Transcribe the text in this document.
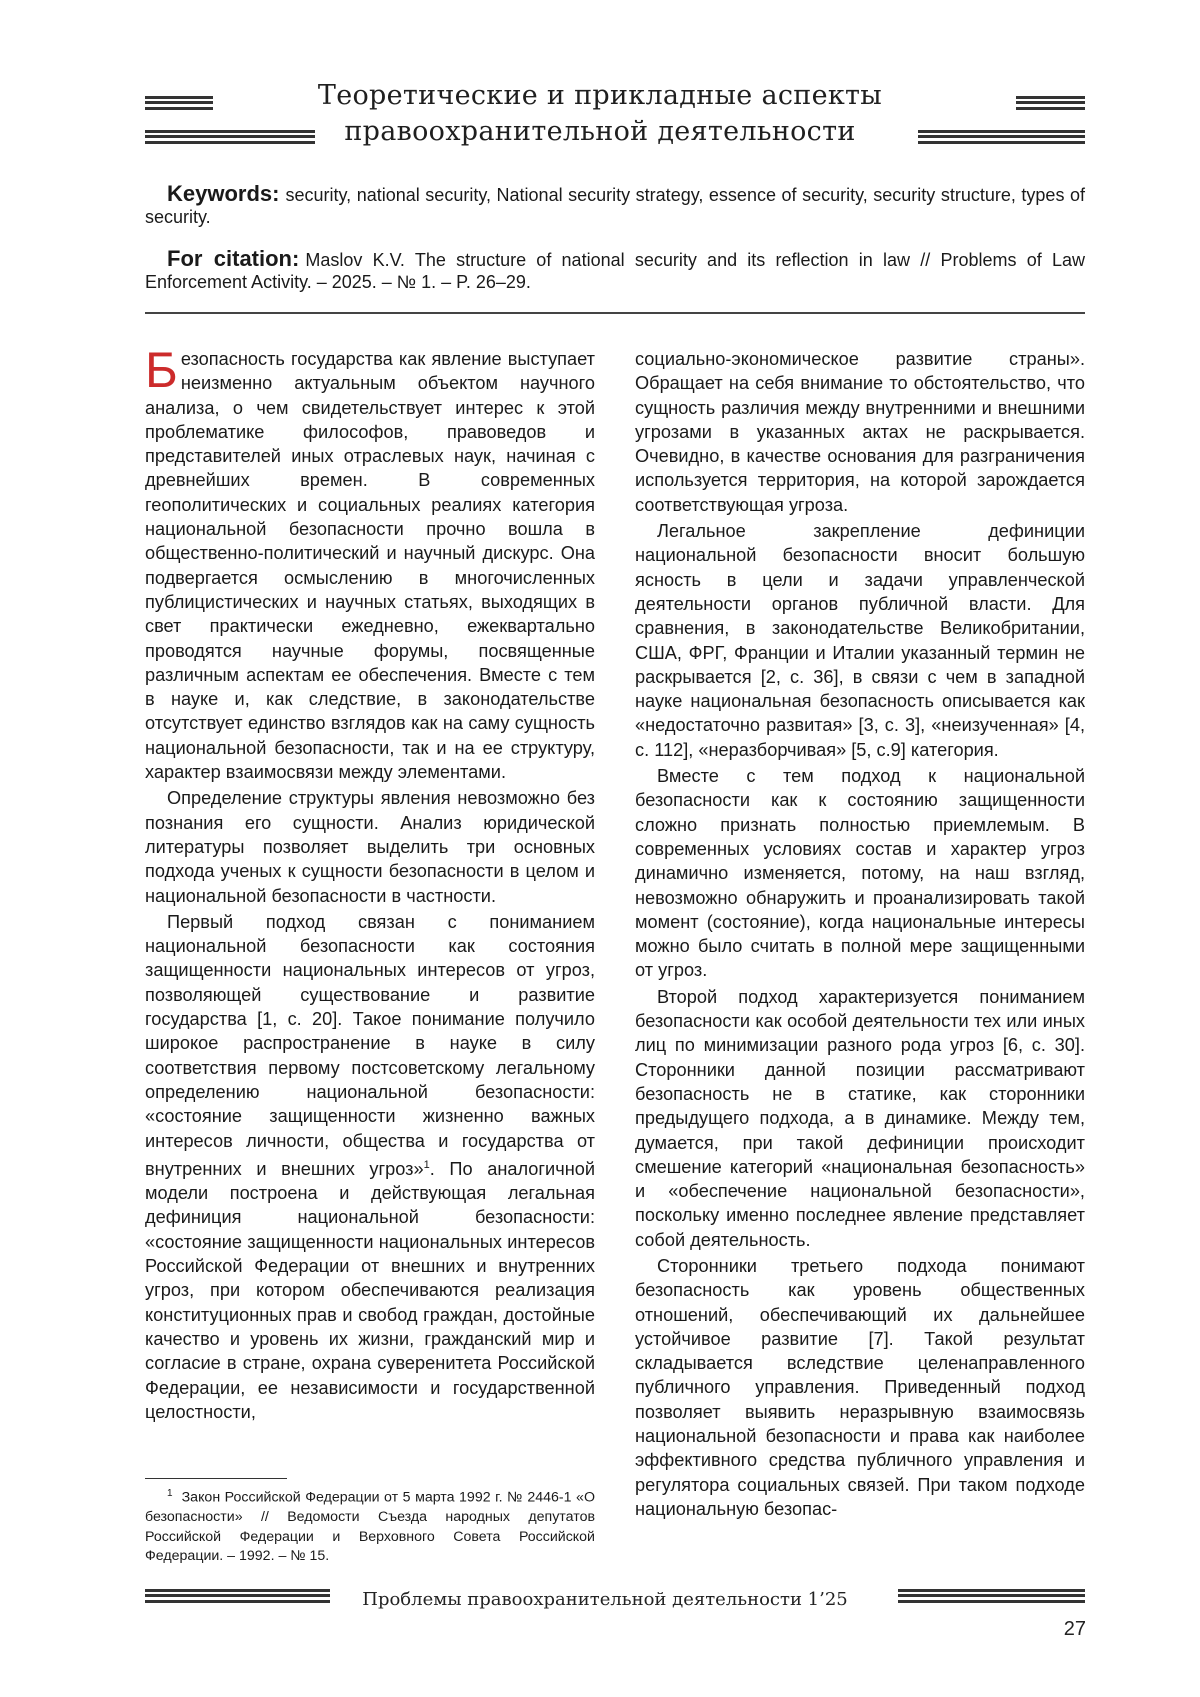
Теоретические и прикладные аспекты
правоохранительной деятельности

Keywords: security, national security, National security strategy, essence of security, security structure, types of security.

For citation: Maslov K.V. The structure of national security and its reflection in law // Problems of Law Enforcement Activity. – 2025. – № 1. – P. 26–29.

Б езопасность государства как явление выступает неизменно актуальным объектом научного анализа, о чем свидетельствует интерес к этой проблематике философов, правоведов и представителей иных отраслевых наук, начиная с древнейших времен. В современных геополитических и социальных реалиях категория национальной безопасности прочно вошла в общественно-политический и научный дискурс. Она подвергается осмыслению в многочисленных публицистических и научных статьях, выходящих в свет практически ежедневно, ежеквартально проводятся научные форумы, посвященные различным аспектам ее обеспечения. Вместе с тем в науке и, как следствие, в законодательстве отсутствует единство взглядов как на саму сущность национальной безопасности, так и на ее структуру, характер взаимосвязи между элементами.

Определение структуры явления невозможно без познания его сущности. Анализ юридической литературы позволяет выделить три основных подхода ученых к сущности безопасности в целом и национальной безопасности в частности.

Первый подход связан с пониманием национальной безопасности как состояния защищенности национальных интересов от угроз, позволяющей существование и развитие государства [1, с. 20]. Такое понимание получило широкое распространение в науке в силу соответствия первому постсоветскому легальному определению национальной безопасности: «состояние защищенности жизненно важных интересов личности, общества и государства от внутренних и внешних угроз»1. По аналогичной модели построена и действующая легальная дефиниция национальной безопасности: «состояние защищенности национальных интересов Российской Федерации от внешних и внутренних угроз, при котором обеспечиваются реализация конституционных прав и свобод граждан, достойные качество и уровень их жизни, гражданский мир и согласие в стране, охрана суверенитета Российской Федерации, ее независимости и государственной целостности,

социально-экономическое развитие страны». Обращает на себя внимание то обстоятельство, что сущность различия между внутренними и внешними угрозами в указанных актах не раскрывается. Очевидно, в качестве основания для разграничения используется территория, на которой зарождается соответствующая угроза.

Легальное закрепление дефиниции национальной безопасности вносит большую ясность в цели и задачи управленческой деятельности органов публичной власти. Для сравнения, в законодательстве Великобритании, США, ФРГ, Франции и Италии указанный термин не раскрывается [2, с. 36], в связи с чем в западной науке национальная безопасность описывается как «недостаточно развитая» [3, с. 3], «неизученная» [4, с. 112], «неразборчивая» [5, с.9] категория.

Вместе с тем подход к национальной безопасности как к состоянию защищенности сложно признать полностью приемлемым. В современных условиях состав и характер угроз динамично изменяется, потому, на наш взгляд, невозможно обнаружить и проанализировать такой момент (состояние), когда национальные интересы можно было считать в полной мере защищенными от угроз.

Второй подход характеризуется пониманием безопасности как особой деятельности тех или иных лиц по минимизации разного рода угроз [6, с. 30]. Сторонники данной позиции рассматривают безопасность не в статике, как сторонники предыдущего подхода, а в динамике. Между тем, думается, при такой дефиниции происходит смешение категорий «национальная безопасность» и «обеспечение национальной безопасности», поскольку именно последнее явление представляет собой деятельность.

Сторонники третьего подхода понимают безопасность как уровень общественных отношений, обеспечивающий их дальнейшее устойчивое развитие [7]. Такой результат складывается вследствие целенаправленного публичного управления. Приведенный подход позволяет выявить неразрывную взаимосвязь национальной безопасности и права как наиболее эффективного средства публичного управления и регулятора социальных связей. При таком подходе национальную безопас-

1 Закон Российской Федерации от 5 марта 1992 г. № 2446-1 «О безопасности» // Ведомости Съезда народных депутатов Российской Федерации и Верховного Совета Российской Федерации. – 1992. – № 15.

Проблемы правоохранительной деятельности 1’25

27
